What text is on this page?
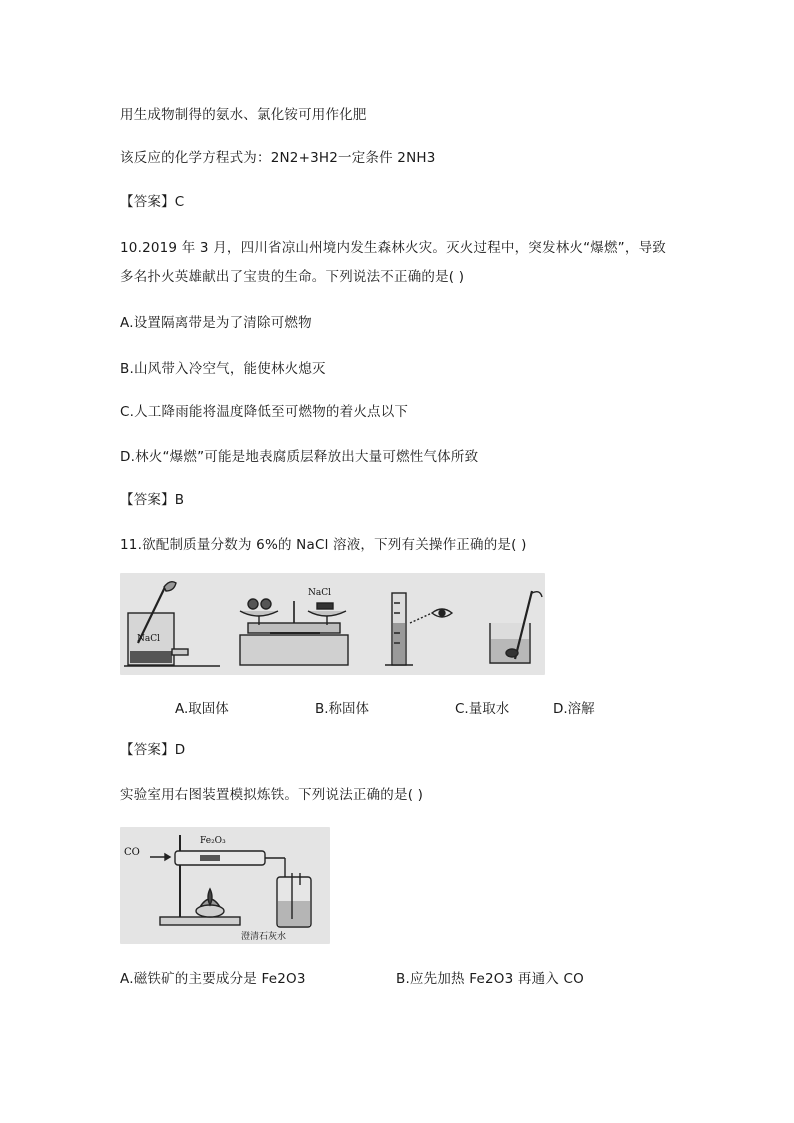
用生成物制得的氨水、氯化铵可用作化肥
该反应的化学方程式为：2N2+3H2一定条件 2NH3
【答案】C
10.2019 年 3 月，四川省凉山州境内发生森林火灾。灭火过程中，突发林火“爆燃”，导致
多名扑火英雄献出了宝贵的生命。下列说法不正确的是( )
A.设置隔离带是为了清除可燃物
B.山风带入冷空气，能使林火熄灭
C.人工降雨能将温度降低至可燃物的着火点以下
D.林火“爆燃”可能是地表腐质层释放出大量可燃性气体所致
【答案】B
11.欲配制质量分数为 6%的 NaCl 溶液，下列有关操作正确的是( )
NaCl
NaCl
A.取固体	B.称固体	C.量取水	D.溶解
【答案】D
实验室用右图装置模拟炼铁。下列说法正确的是( )
CO
Fe₂O₃
澄清石灰水
A.磁铁矿的主要成分是 Fe2O3	B.应先加热 Fe2O3 再通入 CO
